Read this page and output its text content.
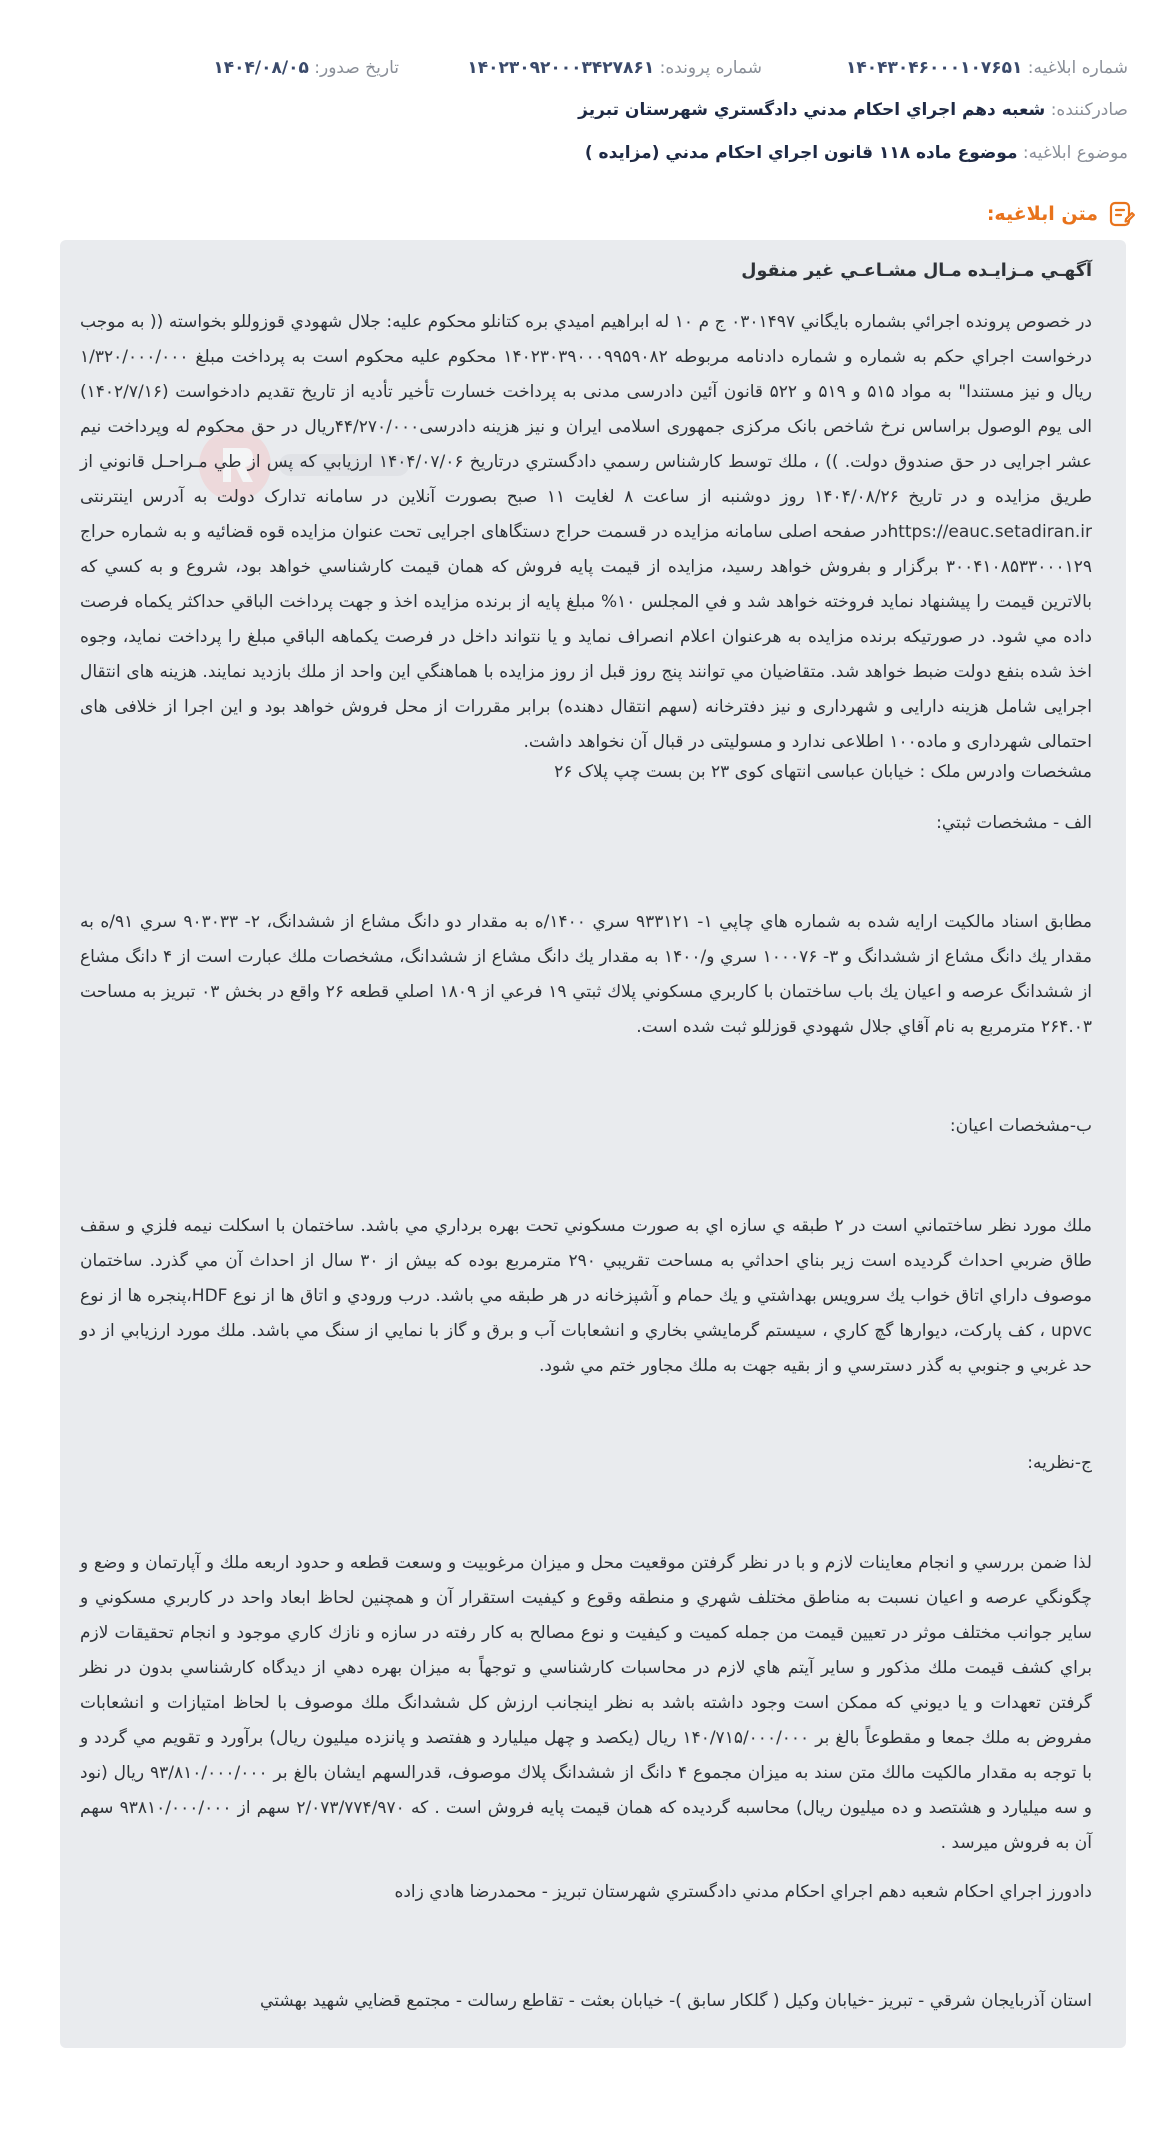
شماره ابلاغيه: ۱۴۰۴۳۰۴۶۰۰۰۱۰۷۶۵۱
شماره پرونده: ۱۴۰۲۳۰۹۲۰۰۰۳۴۲۷۸۶۱
تاريخ صدور: ۱۴۰۴/۰۸/۰۵
صادرکننده: شعبه دهم اجراي احکام مدني دادگستري شهرستان تبريز
موضوع ابلاغيه: موضوع ماده ۱۱۸ قانون اجراي احکام مدني (مزايده )
متن ابلاغيه:

آگهـي مـزايـده مـال مشـاعـي غير منقول

در خصوص پرونده اجرائي بشماره بايگاني ۰۳۰۱۴۹۷ ج م ۱۰ له ابراهيم اميدي بره کتانلو محکوم عليه: جلال شهودي قوزوللو بخواسته (( به موجب درخواست اجراي حکم به شماره و شماره دادنامه مربوطه ۱۴۰۲۳۰۳۹۰۰۰۹۹۵۹۰۸۲ محکوم عليه محکوم است به پرداخت مبلغ ۱/۳۲۰/۰۰۰/۰۰۰ ريال و نيز مستندا" به مواد ۵۱۵ و ۵۱۹ و ۵۲۲ قانون آئين دادرسی مدنی به پرداخت خسارت تأخير تأديه از تاريخ تقديم دادخواست (۱۴۰۲/۷/۱۶) الی يوم الوصول براساس نرخ شاخص بانک مرکزی جمهوری اسلامی ايران و نيز هزينه دادرسی۴۴/۲۷۰/۰۰۰ريال در حق محکوم له وپرداخت نيم عشر اجرايی در حق صندوق دولت. )) ، ملك توسط كارشناس رسمي دادگستري درتاريخ ۱۴۰۴/۰۷/۰۶ ارزيابي كه پس از طي مـراحـل قانوني از طريق مزايده و در تاريخ ۱۴۰۴/۰۸/۲۶ روز دوشنبه از ساعت ۸ لغايت ۱۱ صبح بصورت آنلاين در سامانه تدارک دولت به آدرس اينترنتی https://eauc.setadiran.irدر صفحه اصلی سامانه مزايده در قسمت حراج دستگاهای اجرايی تحت عنوان مزايده قوه قضائيه و به شماره حراج ۳۰۰۴۱۰۸۵۳۳۰۰۰۱۲۹ برگزار و بفروش خواهد رسيد، مزايده از قيمت پايه فروش كه همان قيمت كارشناسي خواهد بود، شروع و به كسي كه بالاترين قيمت را پيشنهاد نمايد فروخته خواهد شد و في المجلس ۱۰% مبلغ پايه از برنده مزايده اخذ و جهت پرداخت الباقي حداكثر يكماه فرصت داده مي شود. در صورتيكه برنده مزايده به هرعنوان اعلام انصراف نمايد و يا نتواند داخل در فرصت يكماهه الباقي مبلغ را پرداخت نمايد، وجوه اخذ شده بنفع دولت ضبط خواهد شد. متقاضيان مي توانند پنج روز قبل از روز مزايده با هماهنگي اين واحد از ملك بازديد نمايند. هزينه های انتقال اجرايی شامل هزينه دارايی و شهرداری و نيز دفترخانه (سهم انتقال دهنده) برابر مقررات از محل فروش خواهد بود و اين اجرا از خلافی های احتمالی شهرداری و ماده۱۰۰ اطلاعی ندارد و مسوليتی در قبال آن نخواهد داشت.

مشخصات وادرس ملک : خيابان عباسی انتهای کوی ۲۳ بن بست چپ پلاک ۲۶

الف - مشخصات ثبتي:

مطابق اسناد مالكيت ارايه شده به شماره هاي چاپي ۱- ۹۳۳۱۲۱ سري ۱۴۰۰/ه به مقدار دو دانگ مشاع از ششدانگ، ۲- ۹۰۳۰۳۳ سري ۹۱/ه به مقدار يك دانگ مشاع از ششدانگ و ۳- ۱۰۰۰۷۶ سري و/۱۴۰۰ به مقدار يك دانگ مشاع از ششدانگ، مشخصات ملك عبارت است از ۴ دانگ مشاع از ششدانگ عرصه و اعيان يك باب ساختمان با كاربري مسكوني پلاك ثبتي ۱۹ فرعي از ۱۸۰۹ اصلي قطعه ۲۶ واقع در بخش ۰۳ تبريز به مساحت ۲۶۴.۰۳ مترمربع به نام آقاي جلال شهودي قوزللو ثبت شده است.

ب-مشخصات اعيان:

ملك مورد نظر ساختماني است در ۲ طبقه ي سازه اي به صورت مسكوني تحت بهره برداري مي باشد. ساختمان با اسكلت نيمه فلزي و سقف طاق ضربي احداث گرديده است زير بناي احداثي به مساحت تقريبي ۲۹۰ مترمربع بوده كه بيش از ۳۰ سال از احداث آن مي گذرد. ساختمان موصوف داراي اتاق خواب يك سرويس بهداشتي و يك حمام و آشپزخانه در هر طبقه مي باشد. درب ورودي و اتاق ها از نوع HDF،پنجره ها از نوع upvc ، كف پاركت، ديوارها گچ كاري ، سيستم گرمايشي بخاري و انشعابات آب و برق و گاز با نمايي از سنگ مي باشد. ملك مورد ارزيابي از دو حد غربي و جنوبي به گذر دسترسي و از بقيه جهت به ملك مجاور ختم مي شود.

ج-نظريه:

لذا ضمن بررسي و انجام معاينات لازم و با در نظر گرفتن موقعيت محل و ميزان مرغوبيت و وسعت قطعه و حدود اربعه ملك و آپارتمان و وضع و چگونگي عرصه و اعيان نسبت به مناطق مختلف شهري و منطقه وقوع و كيفيت استقرار آن و همچنين لحاظ ابعاد واحد در كاربري مسكوني و ساير جوانب مختلف موثر در تعيين قيمت من جمله كميت و كيفيت و نوع مصالح به كار رفته در سازه و نازك كاري موجود و انجام تحقيقات لازم براي كشف قيمت ملك مذكور و ساير آيتم هاي لازم در محاسبات كارشناسي و توجهاً به ميزان بهره دهي از ديدگاه كارشناسي بدون در نظر گرفتن تعهدات و يا ديوني كه ممكن است وجود داشته باشد به نظر اينجانب ارزش كل ششدانگ ملك موصوف با لحاظ امتيازات و انشعابات مفروض به ملك جمعا و مقطوعاً بالغ بر ۱۴۰/۷۱۵/۰۰۰/۰۰۰ ريال (يكصد و چهل ميليارد و هفتصد و پانزده ميليون ريال) برآورد و تقويم مي گردد و با توجه به مقدار مالكيت مالك متن سند به ميزان مجموع ۴ دانگ از ششدانگ پلاك موصوف، قدرالسهم ايشان بالغ بر ۹۳/۸۱۰/۰۰۰/۰۰۰ ريال (نود و سه ميليارد و هشتصد و ده ميليون ريال) محاسبه گرديده که همان قيمت پايه فروش است . که ۲/۰۷۳/۷۷۴/۹۷۰ سهم از ۹۳۸۱۰/۰۰۰/۰۰۰ سهم آن به فروش ميرسد .

دادورز اجراي احکام شعبه دهم اجراي احکام مدني دادگستري شهرستان تبريز - محمدرضا هادي زاده

استان آذربايجان شرقي - تبريز -خيابان وکيل ( گلکار سابق )- خيابان بعثت - تقاطع رسالت - مجتمع قضايي شهيد بهشتي
